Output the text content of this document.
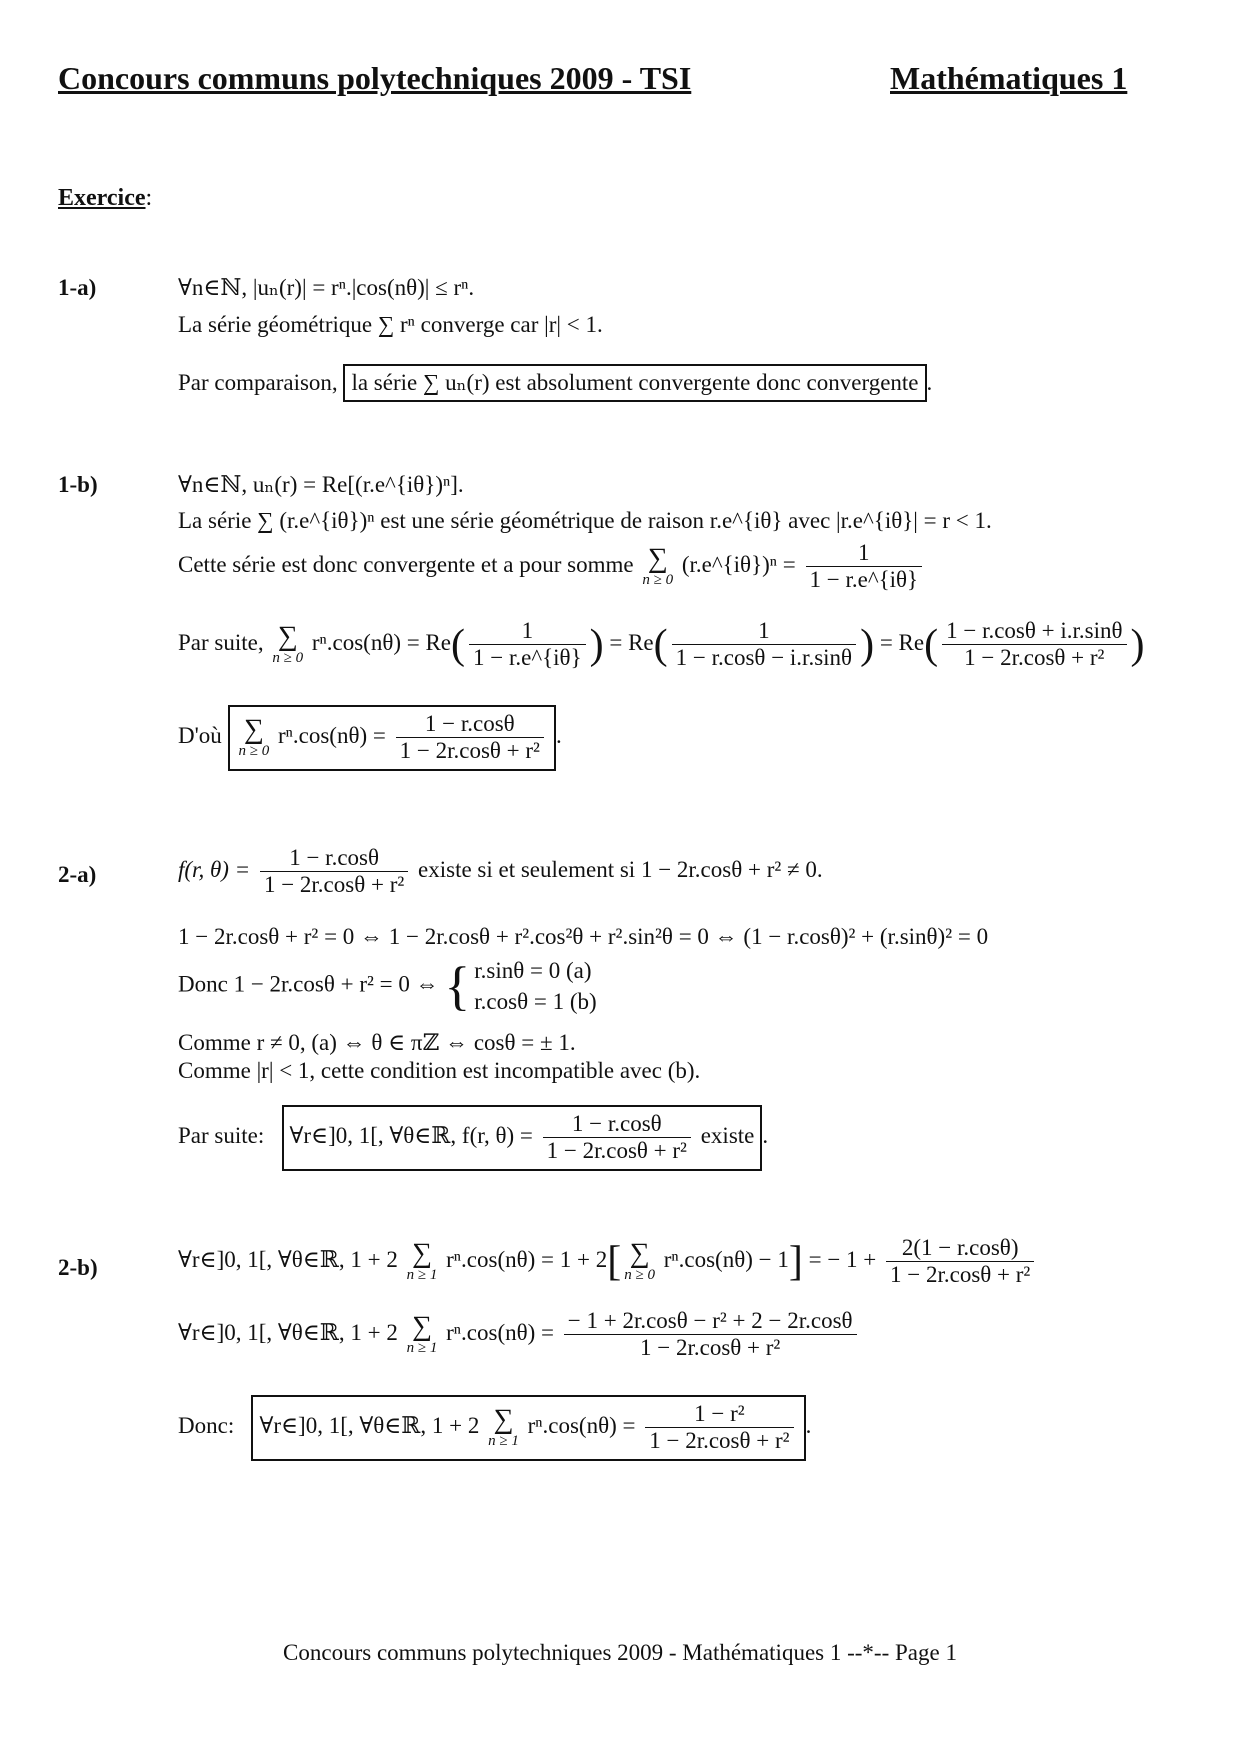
Concours communs polytechniques 2009 - TSI	Mathématiques 1
Exercice:
1-a)	∀n∈ℕ, |uₙ(r)| = rⁿ.|cos(nθ)| ≤ rⁿ.
La série géométrique ∑ rⁿ converge car |r| < 1.
Par comparaison, la série ∑ uₙ(r) est absolument convergente donc convergente .
1-b)	∀n∈ℕ, uₙ(r) = Re[(r.e^{iθ})ⁿ].
La série ∑ (r.e^{iθ})ⁿ est une série géométrique de raison r.e^{iθ} avec |r.e^{iθ}| = r < 1.
Cette série est donc convergente et a pour somme ∑
n ≥ 0
(r.e^{iθ})ⁿ = $\frac{1}{1 - r.e\^{}\{i\theta\}}$
Par suite, ∑
n ≥ 0
$r^n.\cos(n\theta) = Re( \frac{1}{1 - r.e\^{}\{i\theta\}}$ ) = $Re( \frac{1}{1 - r.\cos\theta - i.r.\sin\theta}$ ) = $Re( \frac{1 - r.\cos\theta + i.r.\sin\theta}{\text{1 − 2r.cosθ + r²}}$ )
D'où ∑
n ≥ 0
$r^n.\cos(n\theta) = \frac{1 - r.\cos\theta}{\text{1 − 2r.cosθ + r²}}$ .
2-a)	f(r, $\theta) = \frac{1 - r.\cos\theta}{\text{1 − 2r.cosθ + r²}}$ existe si et seulement si 1 − 2r.cosθ + r² ≠ 0.
1 − 2r.cosθ + r² = 0 ⇔ 1 − 2r.cosθ + r².cos²θ + r².sin²θ = 0 ⇔ (1 − r.cosθ)² + (r.sinθ)² = 0
Donc 1 − 2r.cosθ + r² = 0 ⇔ { r.sinθ = 0 (a)
r.cosθ = 1 (b)
Comme r ≠ 0, (a) ⇔ θ ∈ πℤ ⇔ cosθ = ± 1.
Comme |r| < 1, cette condition est incompatible avec (b).
Par suite: ∀r∈]0, 1[, ∀θ∈ℝ, f(r, $\theta) = \frac{1 - r.\cos\theta}{\text{1 − 2r.cosθ + r²}}$ existe .
2-b)	∀r∈]0, 1[, ∀θ∈ℝ, 1 + 2 ∑
n ≥ 1
rⁿ.cos(nθ) = 1 + 2[ ∑
n ≥ 0
rⁿ.cos(nθ) − 1] = − $1 + \frac{2(1 - r.\cos\theta)}{\text{1 − 2r.cosθ + r²}}$
∀r∈]0, 1[, ∀θ∈ℝ, 1 + 2 ∑
n ≥ 1
$r^n.\cos(n\theta) = \frac{\text{− 1 + 2r.cosθ − r² + 2 − 2r.cosθ}}{\text{1 − 2r.cosθ + r²}}$
Donc: ∀r∈]0, 1[, ∀θ∈ℝ, 1 + 2 ∑
n ≥ 1
$r^n.\cos(n\theta) = \frac{\text{1 − r²}}{\text{1 − 2r.cosθ + r²}}$ .
Concours communs polytechniques 2009 - Mathématiques 1 --*-- Page 1
